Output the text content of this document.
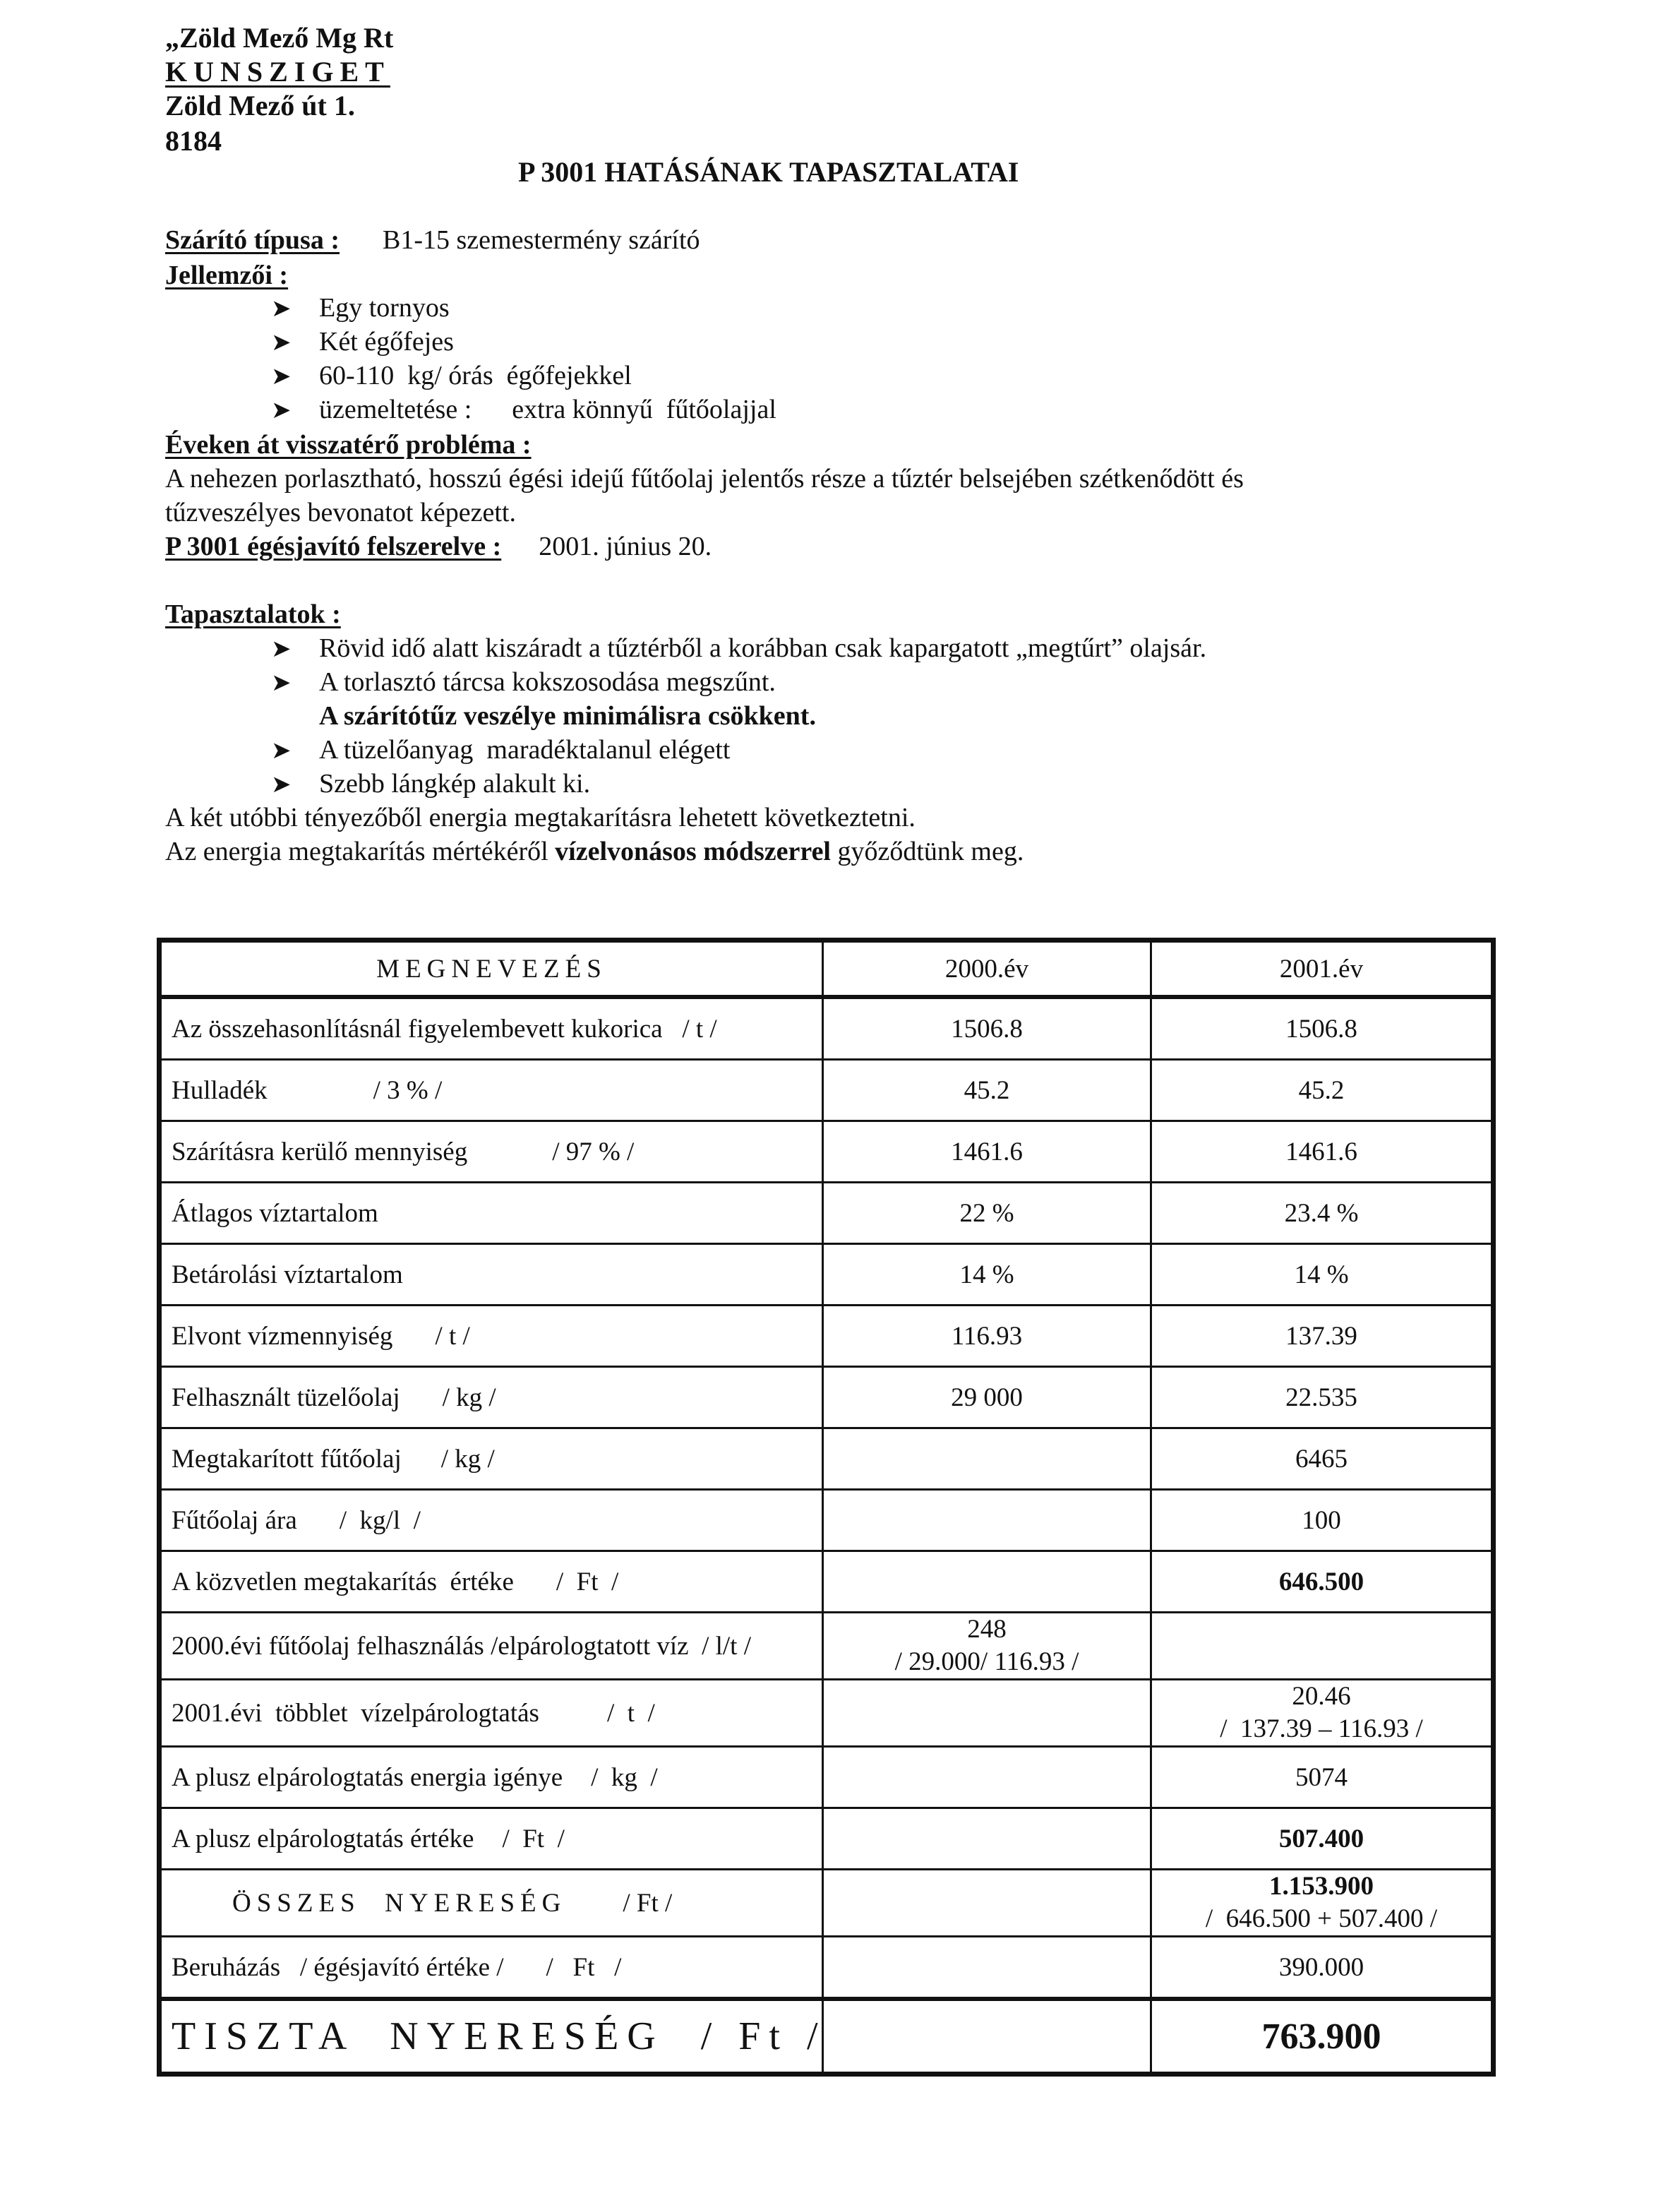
„Zöld Mező Mg Rt
KUNSZIGET
Zöld Mező út 1.
8184
P 3001 HATÁSÁNAK TAPASZTALATAI
Szárító típusa : B1-15 szemestermény szárító
Jellemzői :
➤ Egy tornyos
➤ Két égőfejes
➤ 60-110  kg/ órás  égőfejekkel
➤ üzemeltetése :      extra könnyű  fűtőolajjal
Éveken át visszatérő probléma :
A nehezen porlasztható, hosszú égési idejű fűtőolaj jelentős része a tűztér belsejében szétkenődött és
tűzveszélyes bevonatot képezett.
P 3001 égésjavító felszerelve : 2001. június 20.
Tapasztalatok :
➤ Rövid idő alatt kiszáradt a tűztérből a korábban csak kapargatott „megtűrt” olajsár.
➤ A torlasztó tárcsa kokszosodása megszűnt.
A szárítótűz veszélye minimálisra csökkent.
➤ A tüzelőanyag  maradéktalanul elégett
➤ Szebb lángkép alakult ki.
A két utóbbi tényezőből energia megtakarításra lehetett következtetni.
Az energia megtakarítás mértékéről vízelvonásos módszerrel győződtünk meg.
MEGNEVEZÉS	2000.év	2001.év
Az összehasonlításnál figyelembevett kukorica   / t /	1506.8	1506.8
Hulladék / 3 % /	45.2	45.2
Szárításra kerülő mennyiség / 97 % /	1461.6	1461.6
Átlagos víztartalom	22 %	23.4 %
Betárolási víztartalom	14 %	14 %
Elvont vízmennyiség / t /	116.93	137.39
Felhasznált tüzelőolaj / kg /	29 000	22.535
Megtakarított fűtőolaj / kg /		6465
Fűtőolaj ára /  kg/l  /		100
A közvetlen megtakarítás  értéke /  Ft  /		646.500
2000.évi fűtőolaj felhasználás /elpárologtatott víz  / l/t /	248
/ 29.000/ 116.93 /	

2001.évi  többlet  vízelpárologtatás /  t  /		20.46
/  137.39 – 116.93 /

A plusz elpárologtatás energia igénye /  kg  /		5074
A plusz elpárologtatás értéke /  Ft  /		507.400
ÖSSZES  NYERESÉG / Ft /		1.153.900
/  646.500 + 507.400 /

Beruházás   / égésjavító értéke / /   Ft   /		390.000
TISZTA  NYERESÉG  / Ft /		763.900
